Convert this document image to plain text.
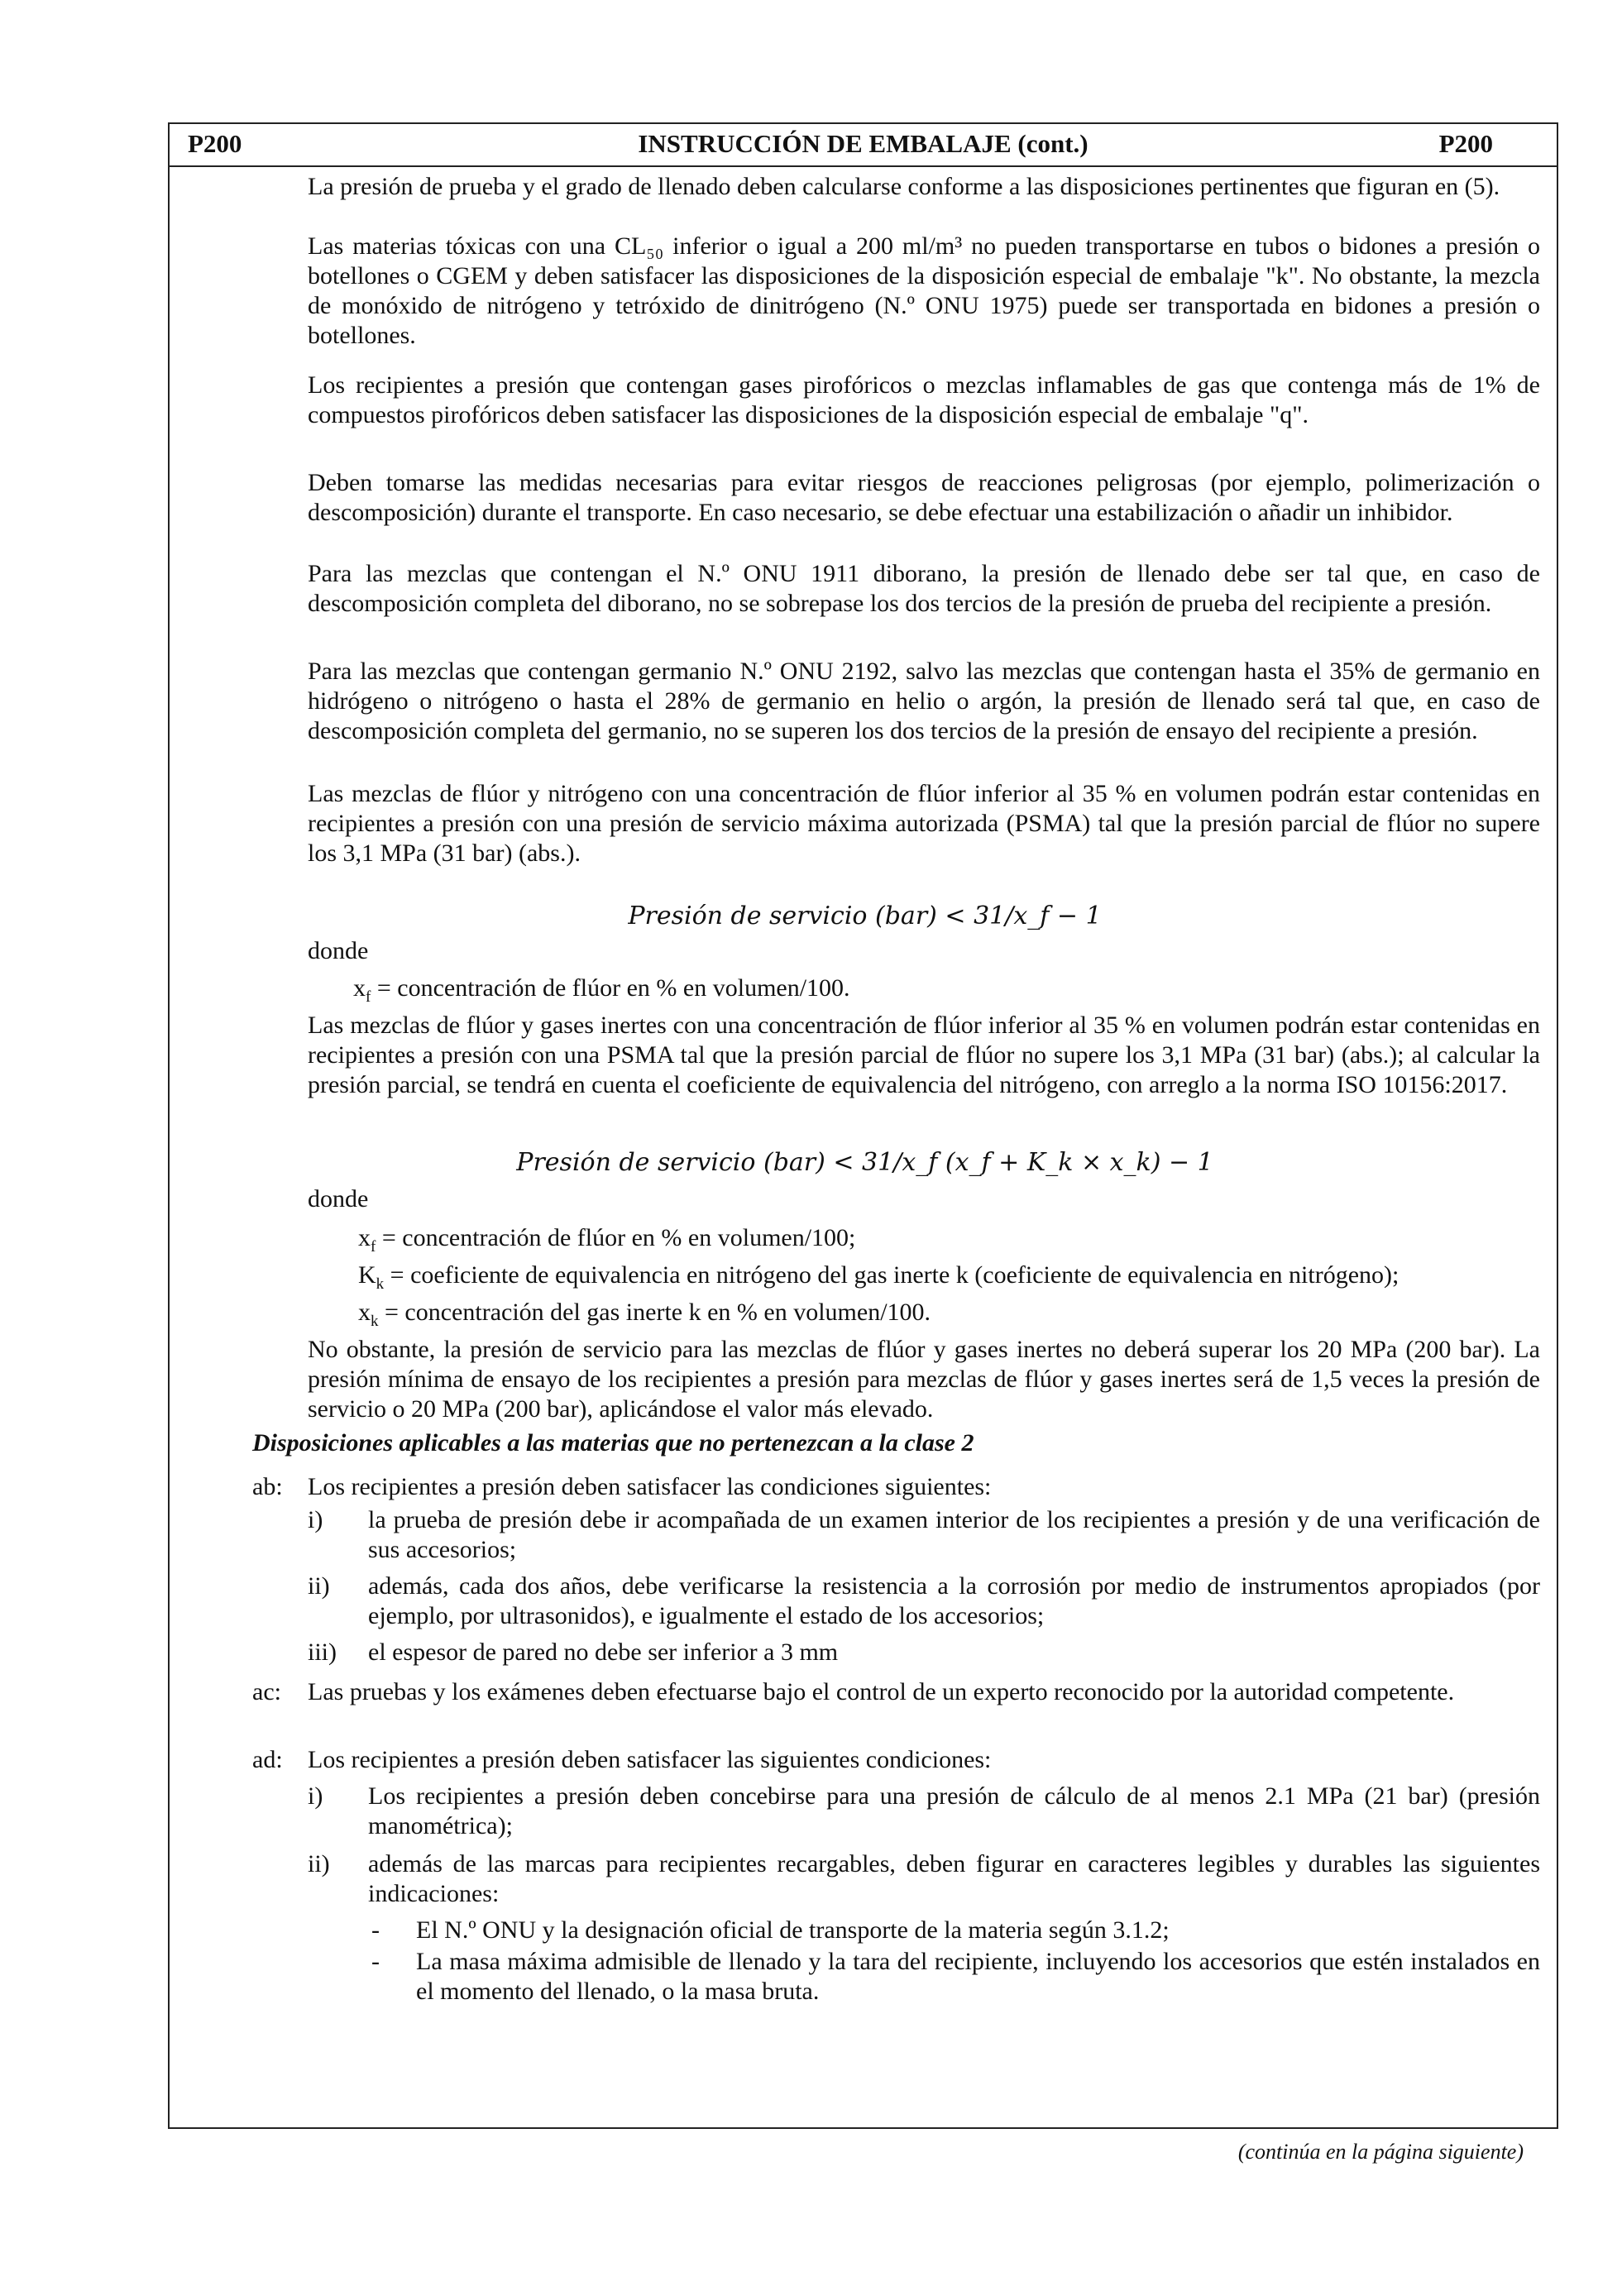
P200	INSTRUCCIÓN DE EMBALAJE (cont.)	P200

La presión de prueba y el grado de llenado deben calcularse conforme a las disposiciones pertinentes que figuran en (5).

Las materias tóxicas con una CL₅₀ inferior o igual a 200 ml/m³ no pueden transportarse en tubos o bidones a presión o botellones o CGEM y deben satisfacer las disposiciones de la disposición especial de embalaje "k". No obstante, la mezcla de monóxido de nitrógeno y tetróxido de dinitrógeno (N.º ONU 1975) puede ser transportada en bidones a presión o botellones.

Los recipientes a presión que contengan gases pirofóricos o mezclas inflamables de gas que contenga más de 1% de compuestos pirofóricos deben satisfacer las disposiciones de la disposición especial de embalaje "q".

Deben tomarse las medidas necesarias para evitar riesgos de reacciones peligrosas (por ejemplo, polimerización o descomposición) durante el transporte. En caso necesario, se debe efectuar una estabilización o añadir un inhibidor.

Para las mezclas que contengan el N.º ONU 1911 diborano, la presión de llenado debe ser tal que, en caso de descomposición completa del diborano, no se sobrepase los dos tercios de la presión de prueba del recipiente a presión.

Para las mezclas que contengan germanio N.º ONU 2192, salvo las mezclas que contengan hasta el 35% de germanio en hidrógeno o nitrógeno o hasta el 28% de germanio en helio o argón, la presión de llenado será tal que, en caso de descomposición completa del germanio, no se superen los dos tercios de la presión de ensayo del recipiente a presión.

Las mezclas de flúor y nitrógeno con una concentración de flúor inferior al 35 % en volumen podrán estar contenidas en recipientes a presión con una presión de servicio máxima autorizada (PSMA) tal que la presión parcial de flúor no supere los 3,1 MPa (31 bar) (abs.).

Presión de servicio (bar) < 31/x_f − 1
donde
$x_f$ = concentración de flúor en % en volumen/100.

Las mezclas de flúor y gases inertes con una concentración de flúor inferior al 35 % en volumen podrán estar contenidas en recipientes a presión con una PSMA tal que la presión parcial de flúor no supere los 3,1 MPa (31 bar) (abs.); al calcular la presión parcial, se tendrá en cuenta el coeficiente de equivalencia del nitrógeno, con arreglo a la norma ISO 10156:2017.

Presión de servicio (bar) < 31/x_f (x_f + K_k × x_k) − 1
donde
$x_f$ = concentración de flúor en % en volumen/100;
$K_k$ = coeficiente de equivalencia en nitrógeno del gas inerte k (coeficiente de equivalencia en nitrógeno);
$x_k$ = concentración del gas inerte k en % en volumen/100.

No obstante, la presión de servicio para las mezclas de flúor y gases inertes no deberá superar los 20 MPa (200 bar). La presión mínima de ensayo de los recipientes a presión para mezclas de flúor y gases inertes será de 1,5 veces la presión de servicio o 20 MPa (200 bar), aplicándose el valor más elevado.

Disposiciones aplicables a las materias que no pertenezcan a la clase 2
ab: Los recipientes a presión deben satisfacer las condiciones siguientes:
i) la prueba de presión debe ir acompañada de un examen interior de los recipientes a presión y de una verificación de sus accesorios;

ii) además, cada dos años, debe verificarse la resistencia a la corrosión por medio de instrumentos apropiados (por ejemplo, por ultrasonidos), e igualmente el estado de los accesorios;

iii) el espesor de pared no debe ser inferior a 3 mm

ac: Las pruebas y los exámenes deben efectuarse bajo el control de un experto reconocido por la autoridad competente.

ad: Los recipientes a presión deben satisfacer las siguientes condiciones:
i) Los recipientes a presión deben concebirse para una presión de cálculo de al menos 2.1 MPa (21 bar) (presión manométrica);

ii) además de las marcas para recipientes recargables, deben figurar en caracteres legibles y durables las siguientes indicaciones:

- El N.º ONU y la designación oficial de transporte de la materia según 3.1.2;

- La masa máxima admisible de llenado y la tara del recipiente, incluyendo los accesorios que estén instalados en el momento del llenado, o la masa bruta.

(continúa en la página siguiente)
